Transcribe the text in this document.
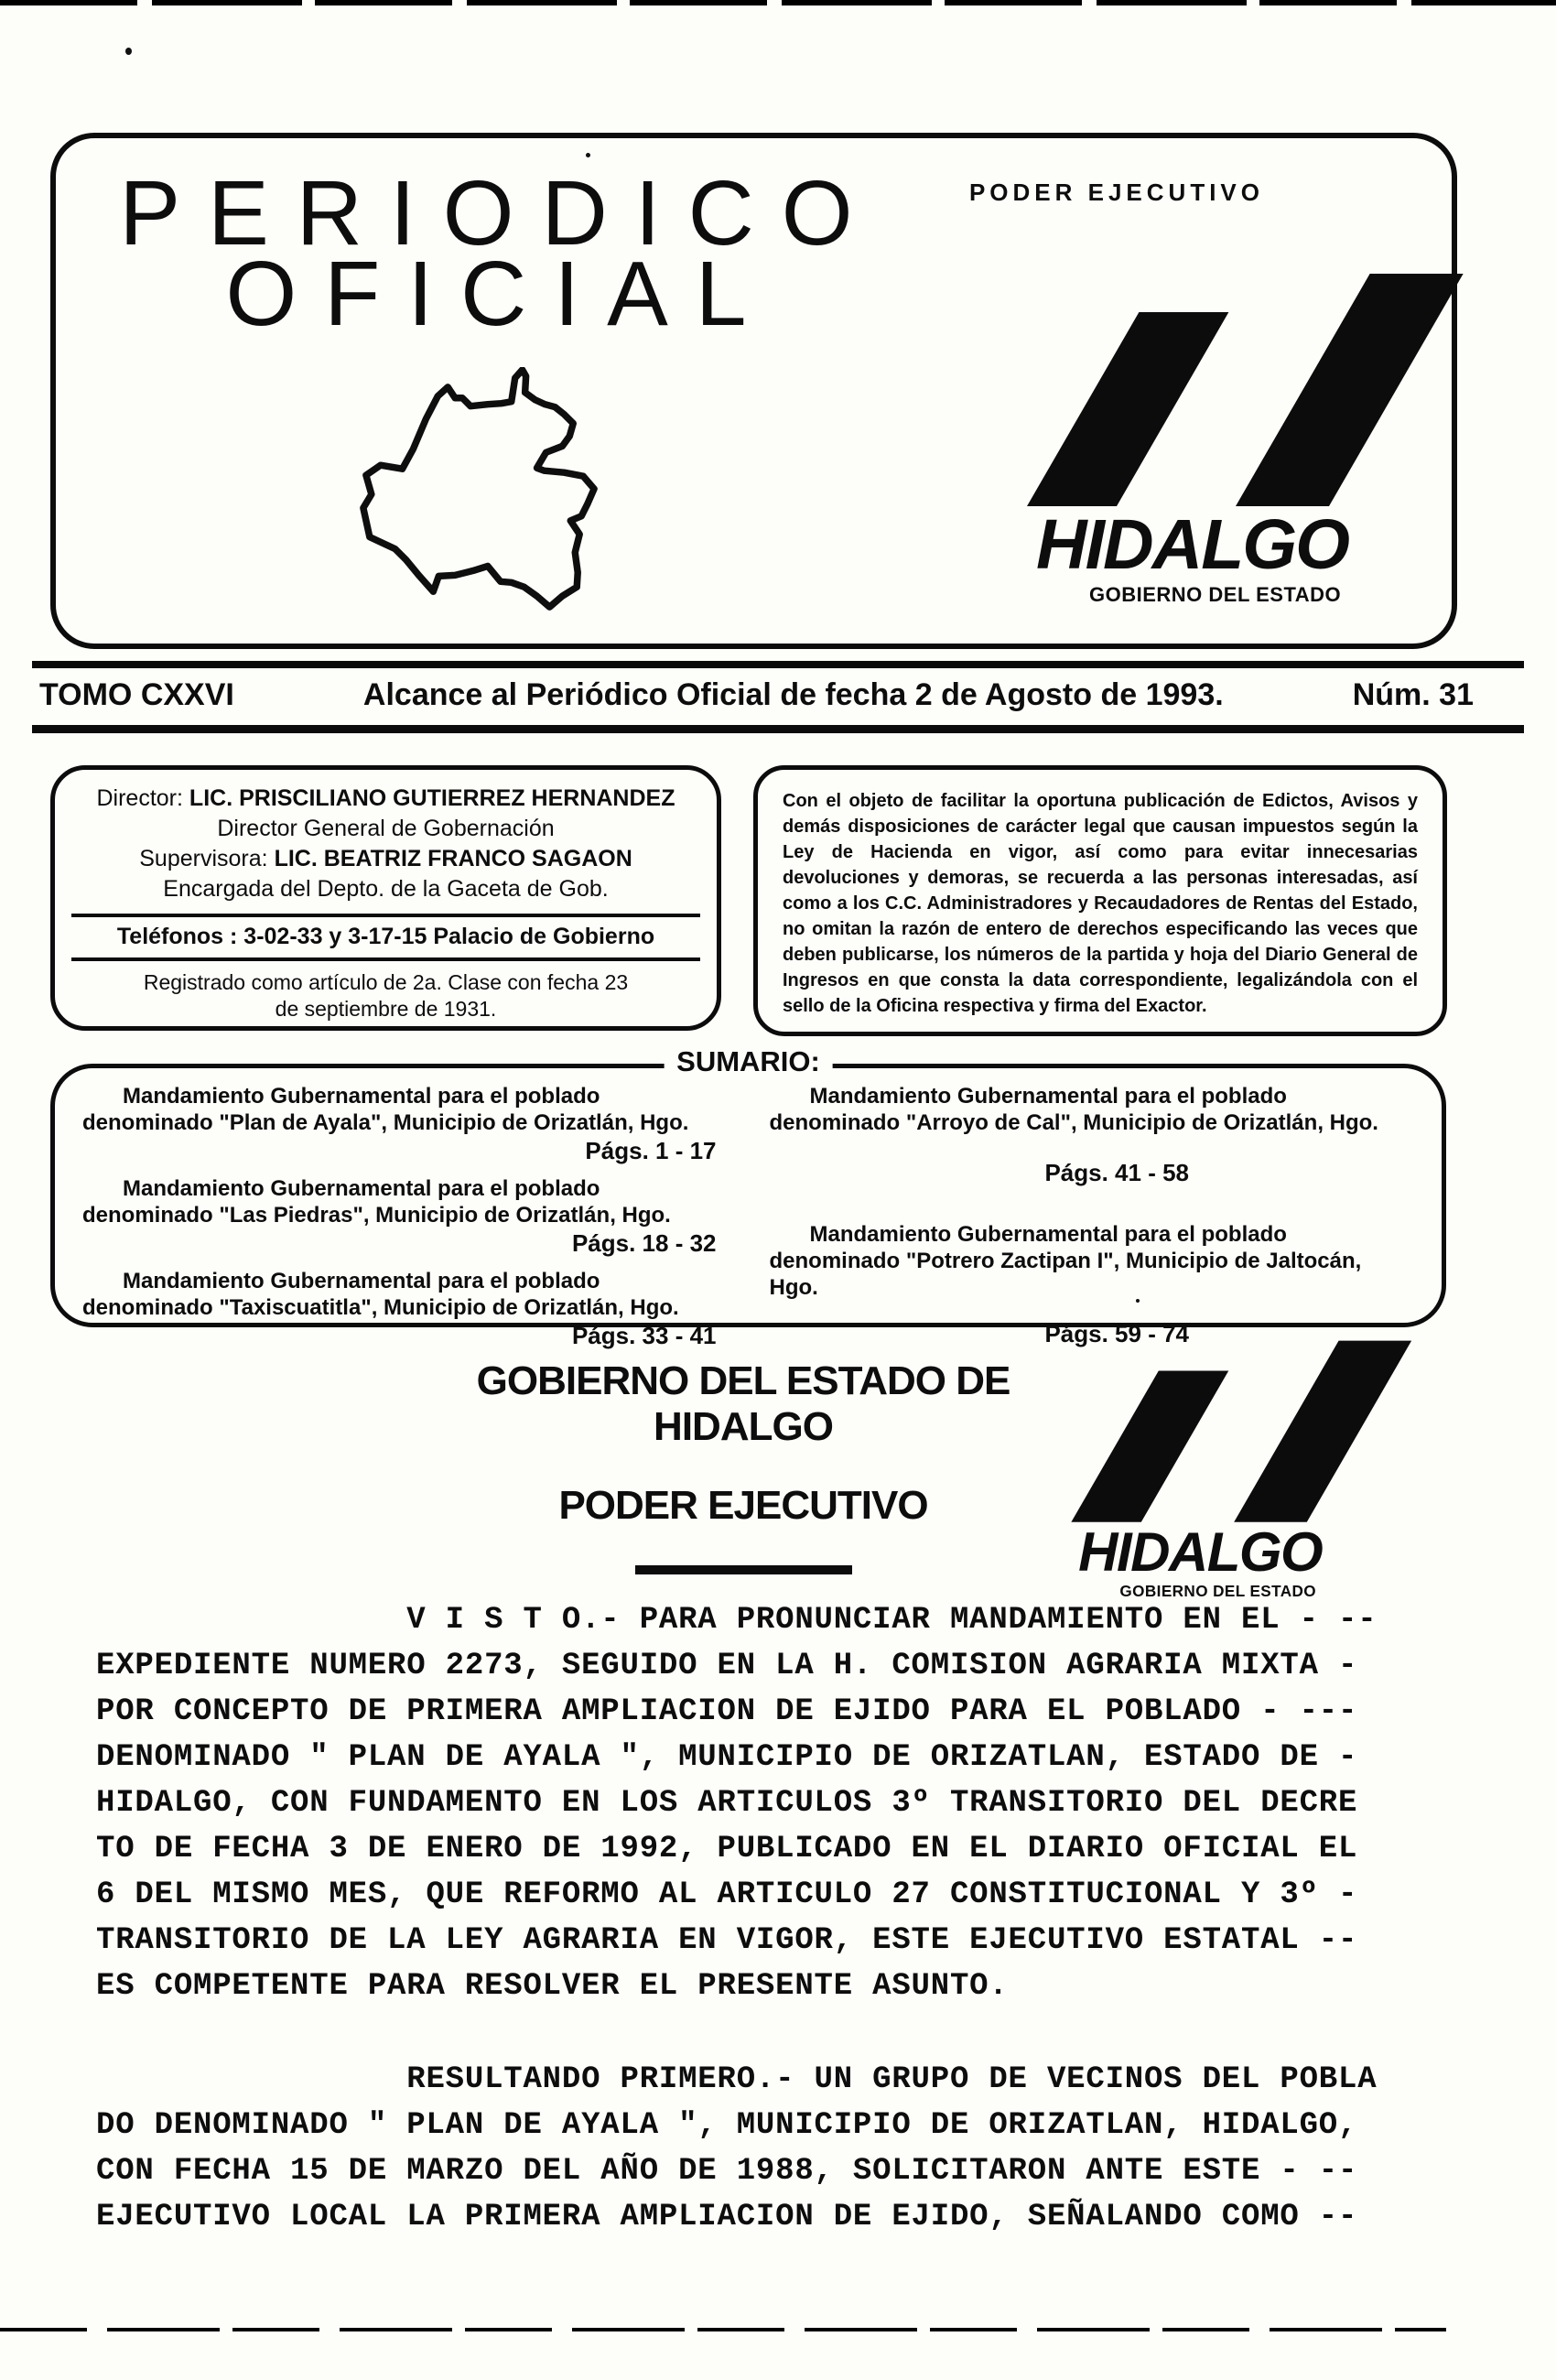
PERIODICO
OFICIAL
PODER EJECUTIVO
HIDALGO
GOBIERNO DEL ESTADO
TOMO CXXVI	Alcance al Periódico Oficial de fecha 2 de Agosto de 1993.	Núm. 31
Director: LIC. PRISCILIANO GUTIERREZ HERNANDEZ
Director General de Gobernación
Supervisora: LIC. BEATRIZ FRANCO SAGAON
Encargada del Depto. de la Gaceta de Gob.
Teléfonos : 3-02-33 y 3-17-15 Palacio de Gobierno
Registrado como artículo de 2a. Clase con fecha 23 de septiembre de 1931.
Con el objeto de facilitar la oportuna publicación de Edictos, Avisos y demás disposiciones de carácter legal que causan impuestos según la Ley de Hacienda en vigor, así como para evitar innecesarias devoluciones y demoras, se recuerda a las personas interesadas, así como a los C.C. Administradores y Recaudadores de Rentas del Estado, no omitan la razón de entero de derechos especificando las veces que deben publicarse, los números de la partida y hoja del Diario General de Ingresos en que consta la data correspondiente, legalizándola con el sello de la Oficina respectiva y firma del Exactor.
SUMARIO:

Mandamiento Gubernamental para el poblado denominado "Plan de Ayala", Municipio de Orizatlán, Hgo.

Págs. 1 - 17

Mandamiento Gubernamental para el poblado denominado "Las Piedras", Municipio de Orizatlán, Hgo.

Págs. 18 - 32

Mandamiento Gubernamental para el poblado denominado "Taxiscuatitla", Municipio de Orizatlán, Hgo.

Págs. 33 - 41

Mandamiento Gubernamental para el poblado denominado "Arroyo de Cal", Municipio de Orizatlán, Hgo.

Págs. 41 - 58

Mandamiento Gubernamental para el poblado denominado "Potrero Zactipan I", Municipio de Jaltocán, Hgo.

Págs. 59 - 74
GOBIERNO DEL ESTADO DE HIDALGO
PODER EJECUTIVO
HIDALGO
GOBIERNO DEL ESTADO
V I S T O.- PARA PRONUNCIAR MANDAMIENTO EN EL - --
EXPEDIENTE NUMERO 2273, SEGUIDO EN LA H. COMISION AGRARIA MIXTA -
POR CONCEPTO DE PRIMERA AMPLIACION DE EJIDO PARA EL POBLADO - ---
DENOMINADO " PLAN DE AYALA ", MUNICIPIO DE ORIZATLAN, ESTADO DE -
HIDALGO, CON FUNDAMENTO EN LOS ARTICULOS 3º TRANSITORIO DEL DECRE
TO DE FECHA 3 DE ENERO DE 1992, PUBLICADO EN EL DIARIO OFICIAL EL
6 DEL MISMO MES, QUE REFORMO AL ARTICULO 27 CONSTITUCIONAL Y 3º -
TRANSITORIO DE LA LEY AGRARIA EN VIGOR, ESTE EJECUTIVO ESTATAL --
ES COMPETENTE PARA RESOLVER EL PRESENTE ASUNTO.
RESULTANDO PRIMERO.- UN GRUPO DE VECINOS DEL POBLA
DO DENOMINADO " PLAN DE AYALA ", MUNICIPIO DE ORIZATLAN, HIDALGO,
CON FECHA 15 DE MARZO DEL AÑO DE 1988, SOLICITARON ANTE ESTE - --
EJECUTIVO LOCAL LA PRIMERA AMPLIACION DE EJIDO, SEÑALANDO COMO --
